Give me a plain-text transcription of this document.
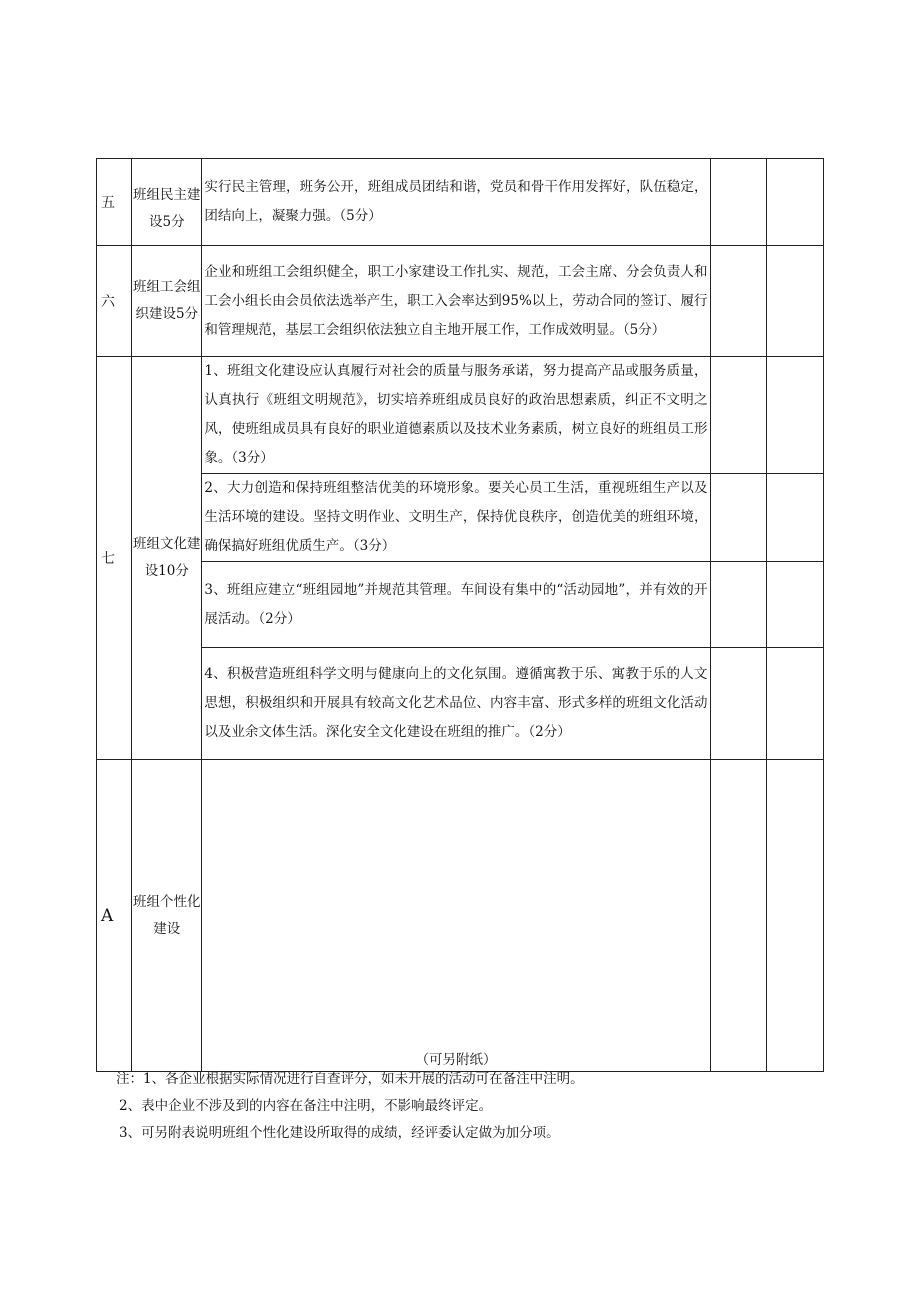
五	班组民主建设5分	实行民主管理，班务公开，班组成员团结和谐，党员和骨干作用发挥好，队伍稳定，团结向上，凝聚力强。（5分）		
六	班组工会组织建设5分	企业和班组工会组织健全，职工小家建设工作扎实、规范，工会主席、分会负责人和工会小组长由会员依法选举产生，职工入会率达到95%以上，劳动合同的签订、履行和管理规范，基层工会组织依法独立自主地开展工作，工作成效明显。（5分）		
七	班组文化建设10分	1、班组文化建设应认真履行对社会的质量与服务承诺，努力提高产品或服务质量，认真执行《班组文明规范》，切实培养班组成员良好的政治思想素质，纠正不文明之风，使班组成员具有良好的职业道德素质以及技术业务素质，树立良好的班组员工形象。（3分）		
		2、大力创造和保持班组整洁优美的环境形象。要关心员工生活，重视班组生产以及生活环境的建设。坚持文明作业、文明生产，保持优良秩序，创造优美的班组环境，确保搞好班组优质生产。（3分）		
		3、班组应建立“班组园地”并规范其管理。车间设有集中的“活动园地”，并有效的开展活动。（2分）		
		4、积极营造班组科学文明与健康向上的文化氛围。遵循寓教于乐、寓教于乐的人文思想，积极组织和开展具有较高文化艺术品位、内容丰富、形式多样的班组文化活动以及业余文体生活。深化安全文化建设在班组的推广。（2分）		
A	班组个性化建设	（可另附纸）		

注：1、各企业根据实际情况进行自查评分，如未开展的活动可在备注中注明。
2、表中企业不涉及到的内容在备注中注明，不影响最终评定。
3、可另附表说明班组个性化建设所取得的成绩，经评委认定做为加分项。
